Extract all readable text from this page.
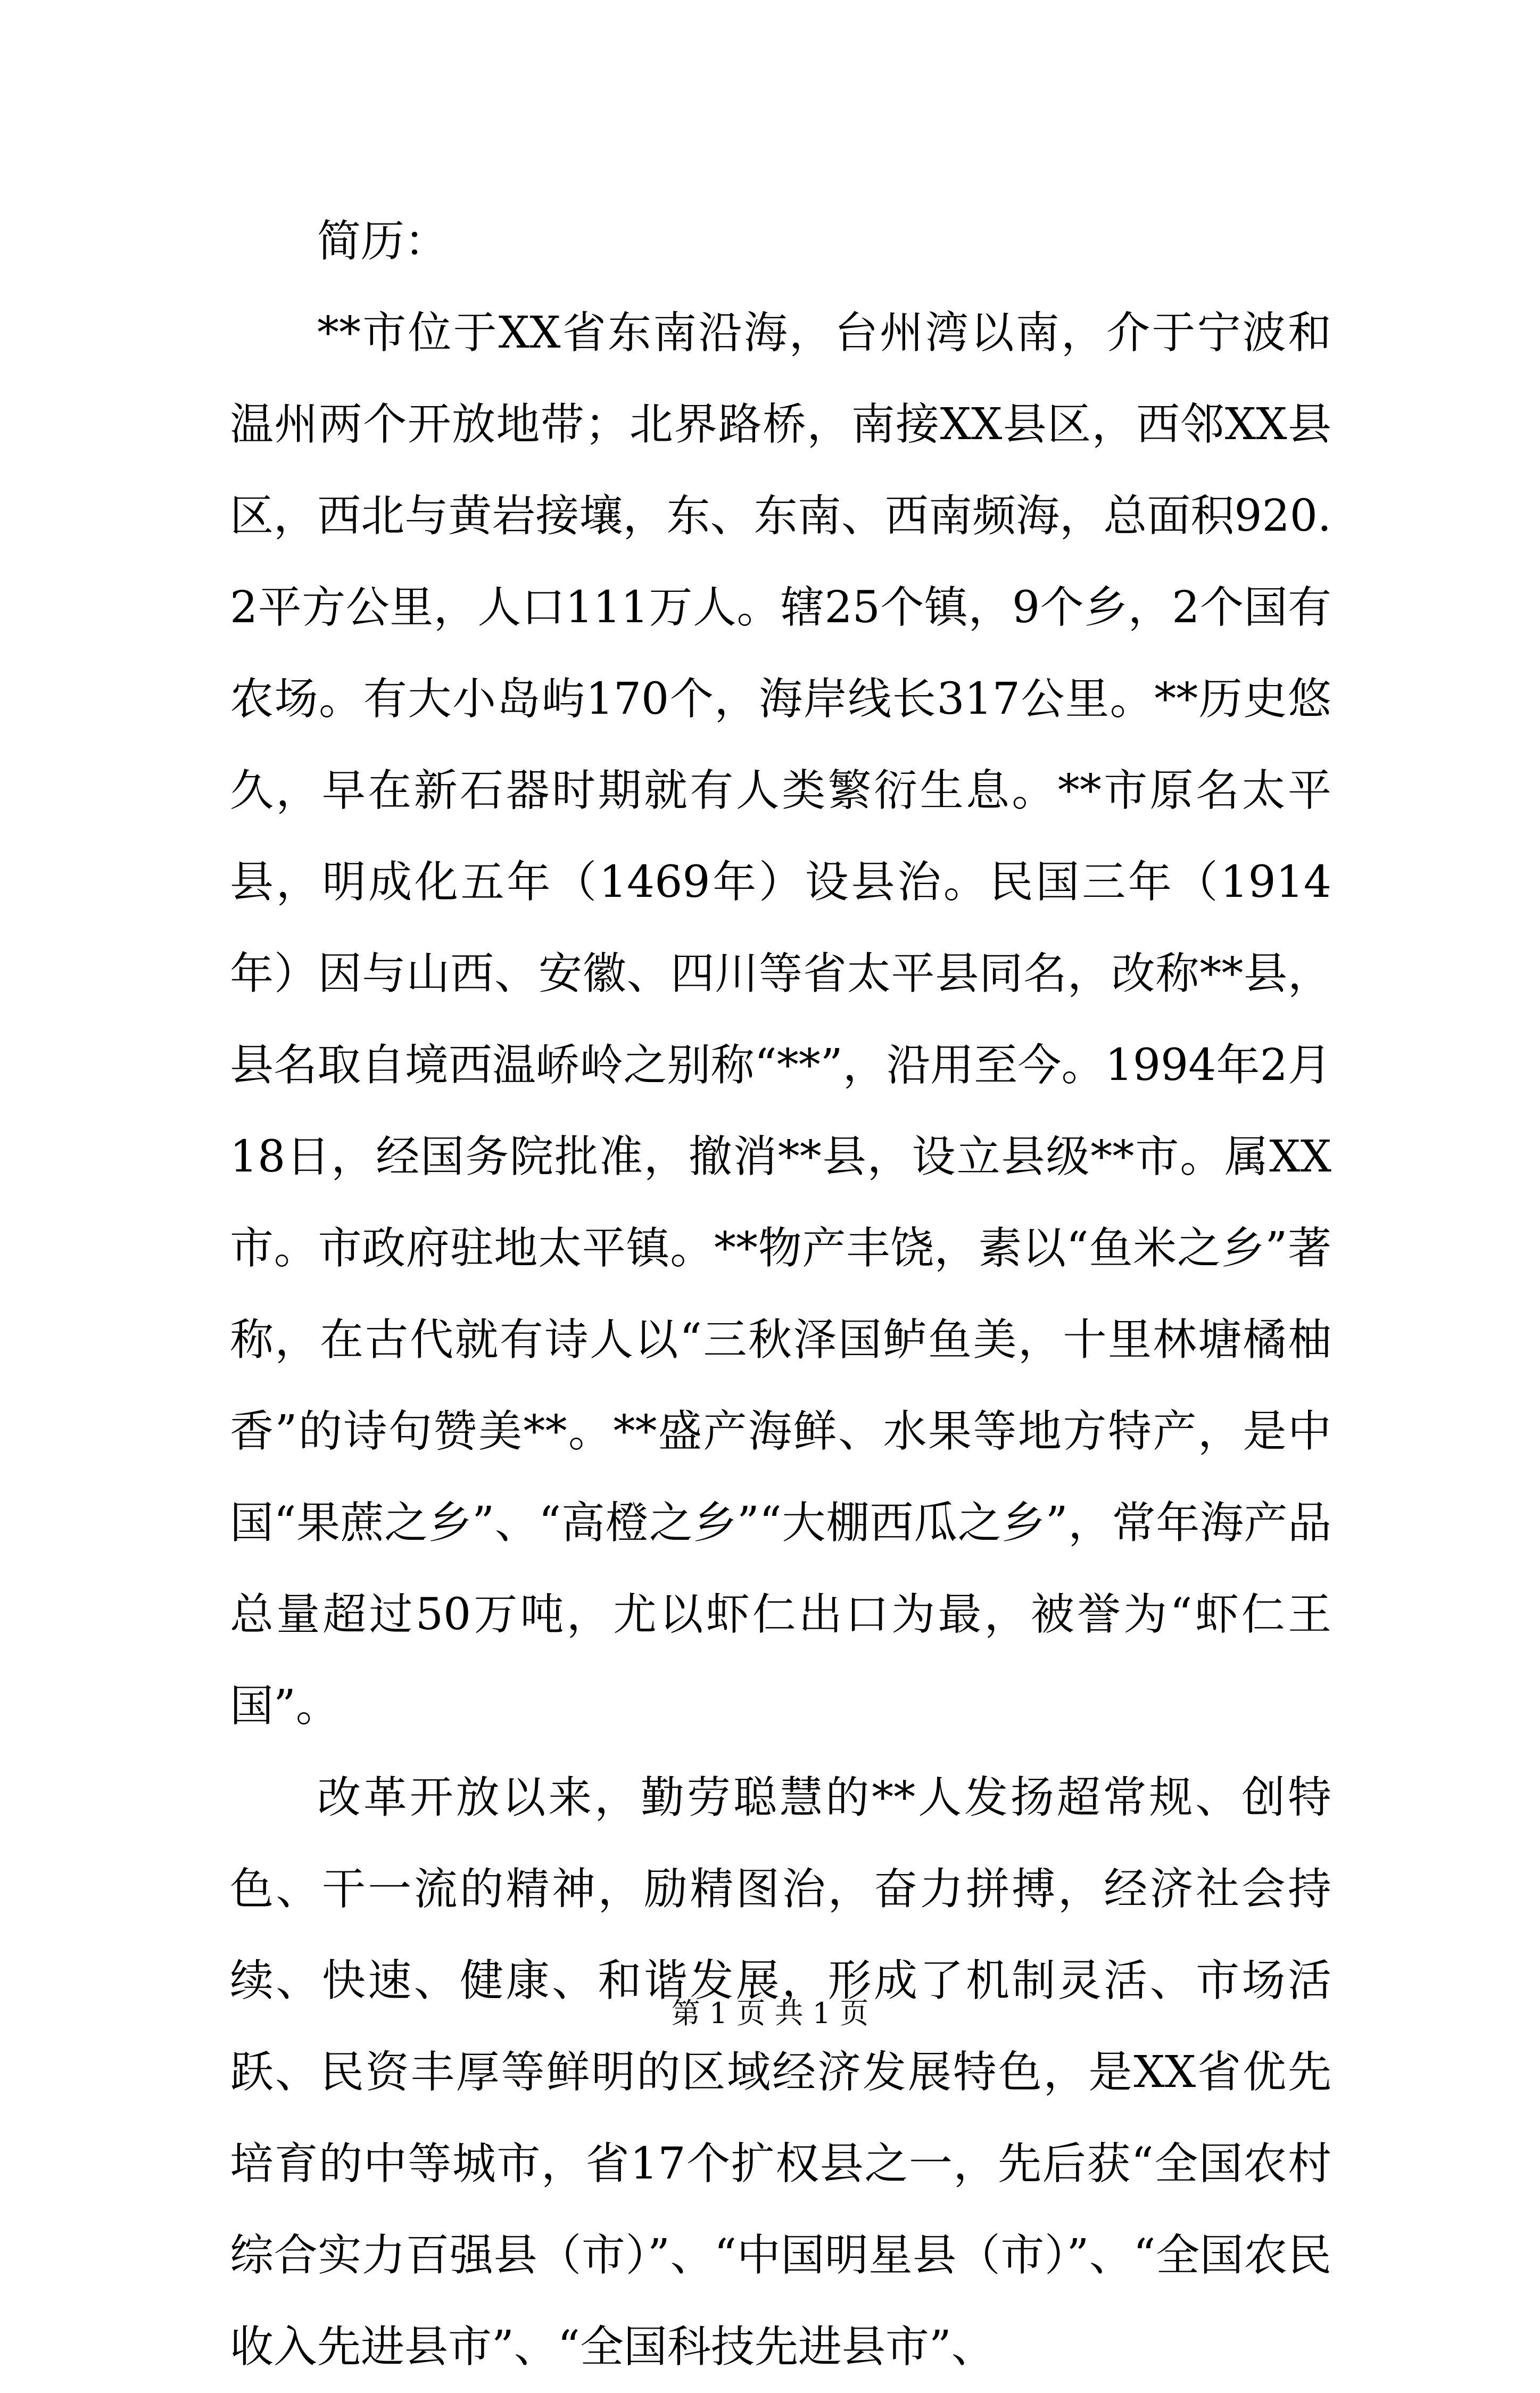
简历：

**市位于XX省东南沿海，台州湾以南，介于宁波和温州两个开放地带；北界路桥，南接XX县区，西邻XX县区，西北与黄岩接壤，东、东南、西南频海，总面积920.2平方公里，人口111万人。辖25个镇，9个乡，2个国有农场。有大小岛屿170个，海岸线长317公里。**历史悠久，早在新石器时期就有人类繁衍生息。**市原名太平县，明成化五年（1469年）设县治。民国三年（1914年）因与山西、安徽、四川等省太平县同名，改称**县，县名取自境西温峤岭之别称“**”，沿用至今。1994年2月18日，经国务院批准，撤消**县，设立县级**市。属XX市。市政府驻地太平镇。**物产丰饶，素以“鱼米之乡”著称，在古代就有诗人以“三秋泽国鲈鱼美，十里林塘橘柚香”的诗句赞美**。**盛产海鲜、水果等地方特产，是中国“果蔗之乡”、“高橙之乡”“大棚西瓜之乡”，常年海产品总量超过50万吨，尤以虾仁出口为最，被誉为“虾仁王国”。

改革开放以来，勤劳聪慧的**人发扬超常规、创特色、干一流的精神，励精图治，奋力拼搏，经济社会持续、快速、健康、和谐发展，形成了机制灵活、市场活跃、民资丰厚等鲜明的区域经济发展特色，是XX省优先培育的中等城市，省17个扩权县之一，先后获“全国农村综合实力百强县（市）”、“中国明星县（市）”、“全国农民收入先进县市”、“全国科技先进县市”、

第 1 页 共 1 页
